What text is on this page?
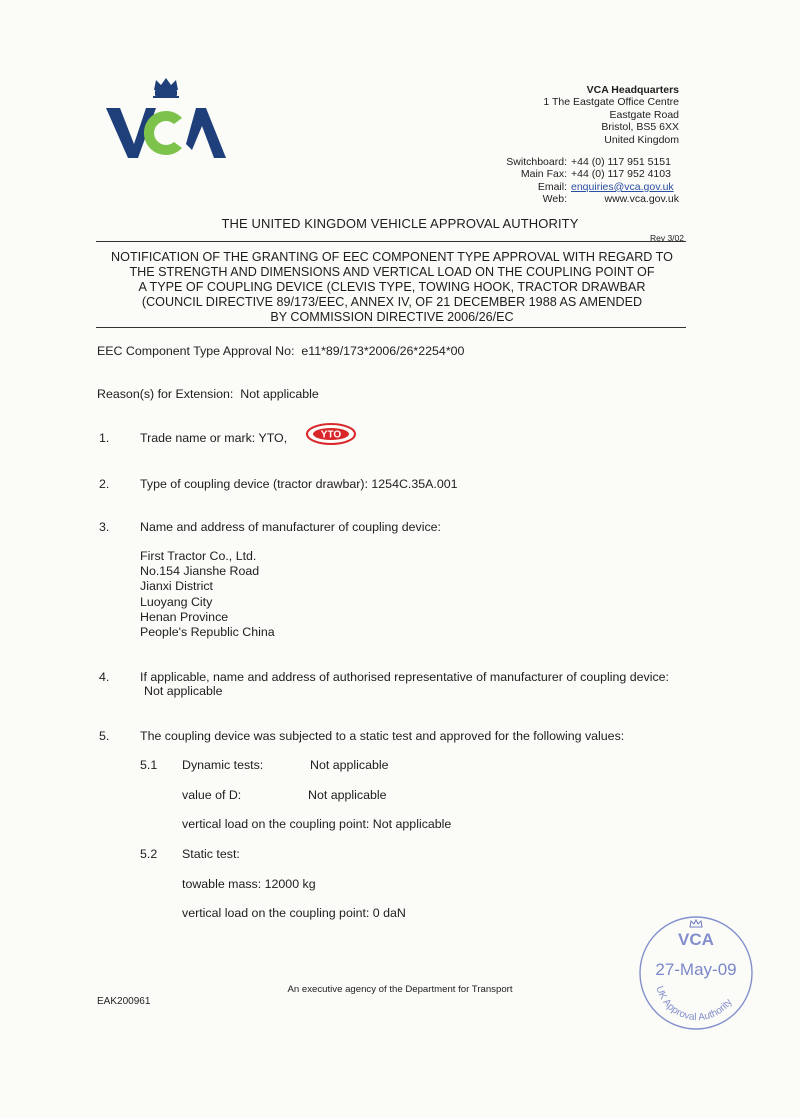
VCA Headquarters
1 The Eastgate Office Centre
Eastgate Road
Bristol, BS5 6XX
United Kingdom
Switchboard: +44 (0) 117 951 5151
Main Fax: +44 (0) 117 952 4103
Email: enquiries@vca.gov.uk
Web:	www.vca.gov.uk
THE UNITED KINGDOM VEHICLE APPROVAL AUTHORITY
Rev 3/02
NOTIFICATION OF THE GRANTING OF EEC COMPONENT TYPE APPROVAL WITH REGARD TO
THE STRENGTH AND DIMENSIONS AND VERTICAL LOAD ON THE COUPLING POINT OF
A TYPE OF COUPLING DEVICE (CLEVIS TYPE, TOWING HOOK, TRACTOR DRAWBAR
(COUNCIL DIRECTIVE 89/173/EEC, ANNEX IV, OF 21 DECEMBER 1988 AS AMENDED
BY COMMISSION DIRECTIVE 2006/26/EC
EEC Component Type Approval No: e11*89/173*2006/26*2254*00
Reason(s) for Extension: Not applicable
1. Trade name or mark: YTO,	YTO
2. Type of coupling device (tractor drawbar): 1254C.35A.001
3. Name and address of manufacturer of coupling device:
First Tractor Co., Ltd.
No.154 Jianshe Road
Jianxi District
Luoyang City
Henan Province
People's Republic China
4. If applicable, name and address of authorised representative of manufacturer of coupling device:
Not applicable
5. The coupling device was subjected to a static test and approved for the following values:
5.1 Dynamic tests:	Not applicable
value of D:	Not applicable
vertical load on the coupling point: Not applicable
5.2 Static test:
towable mass: 12000 kg
vertical load on the coupling point: 0 daN
An executive agency of the Department for Transport
EAK200961
VCA
27-May-09
UK Approval Authority
